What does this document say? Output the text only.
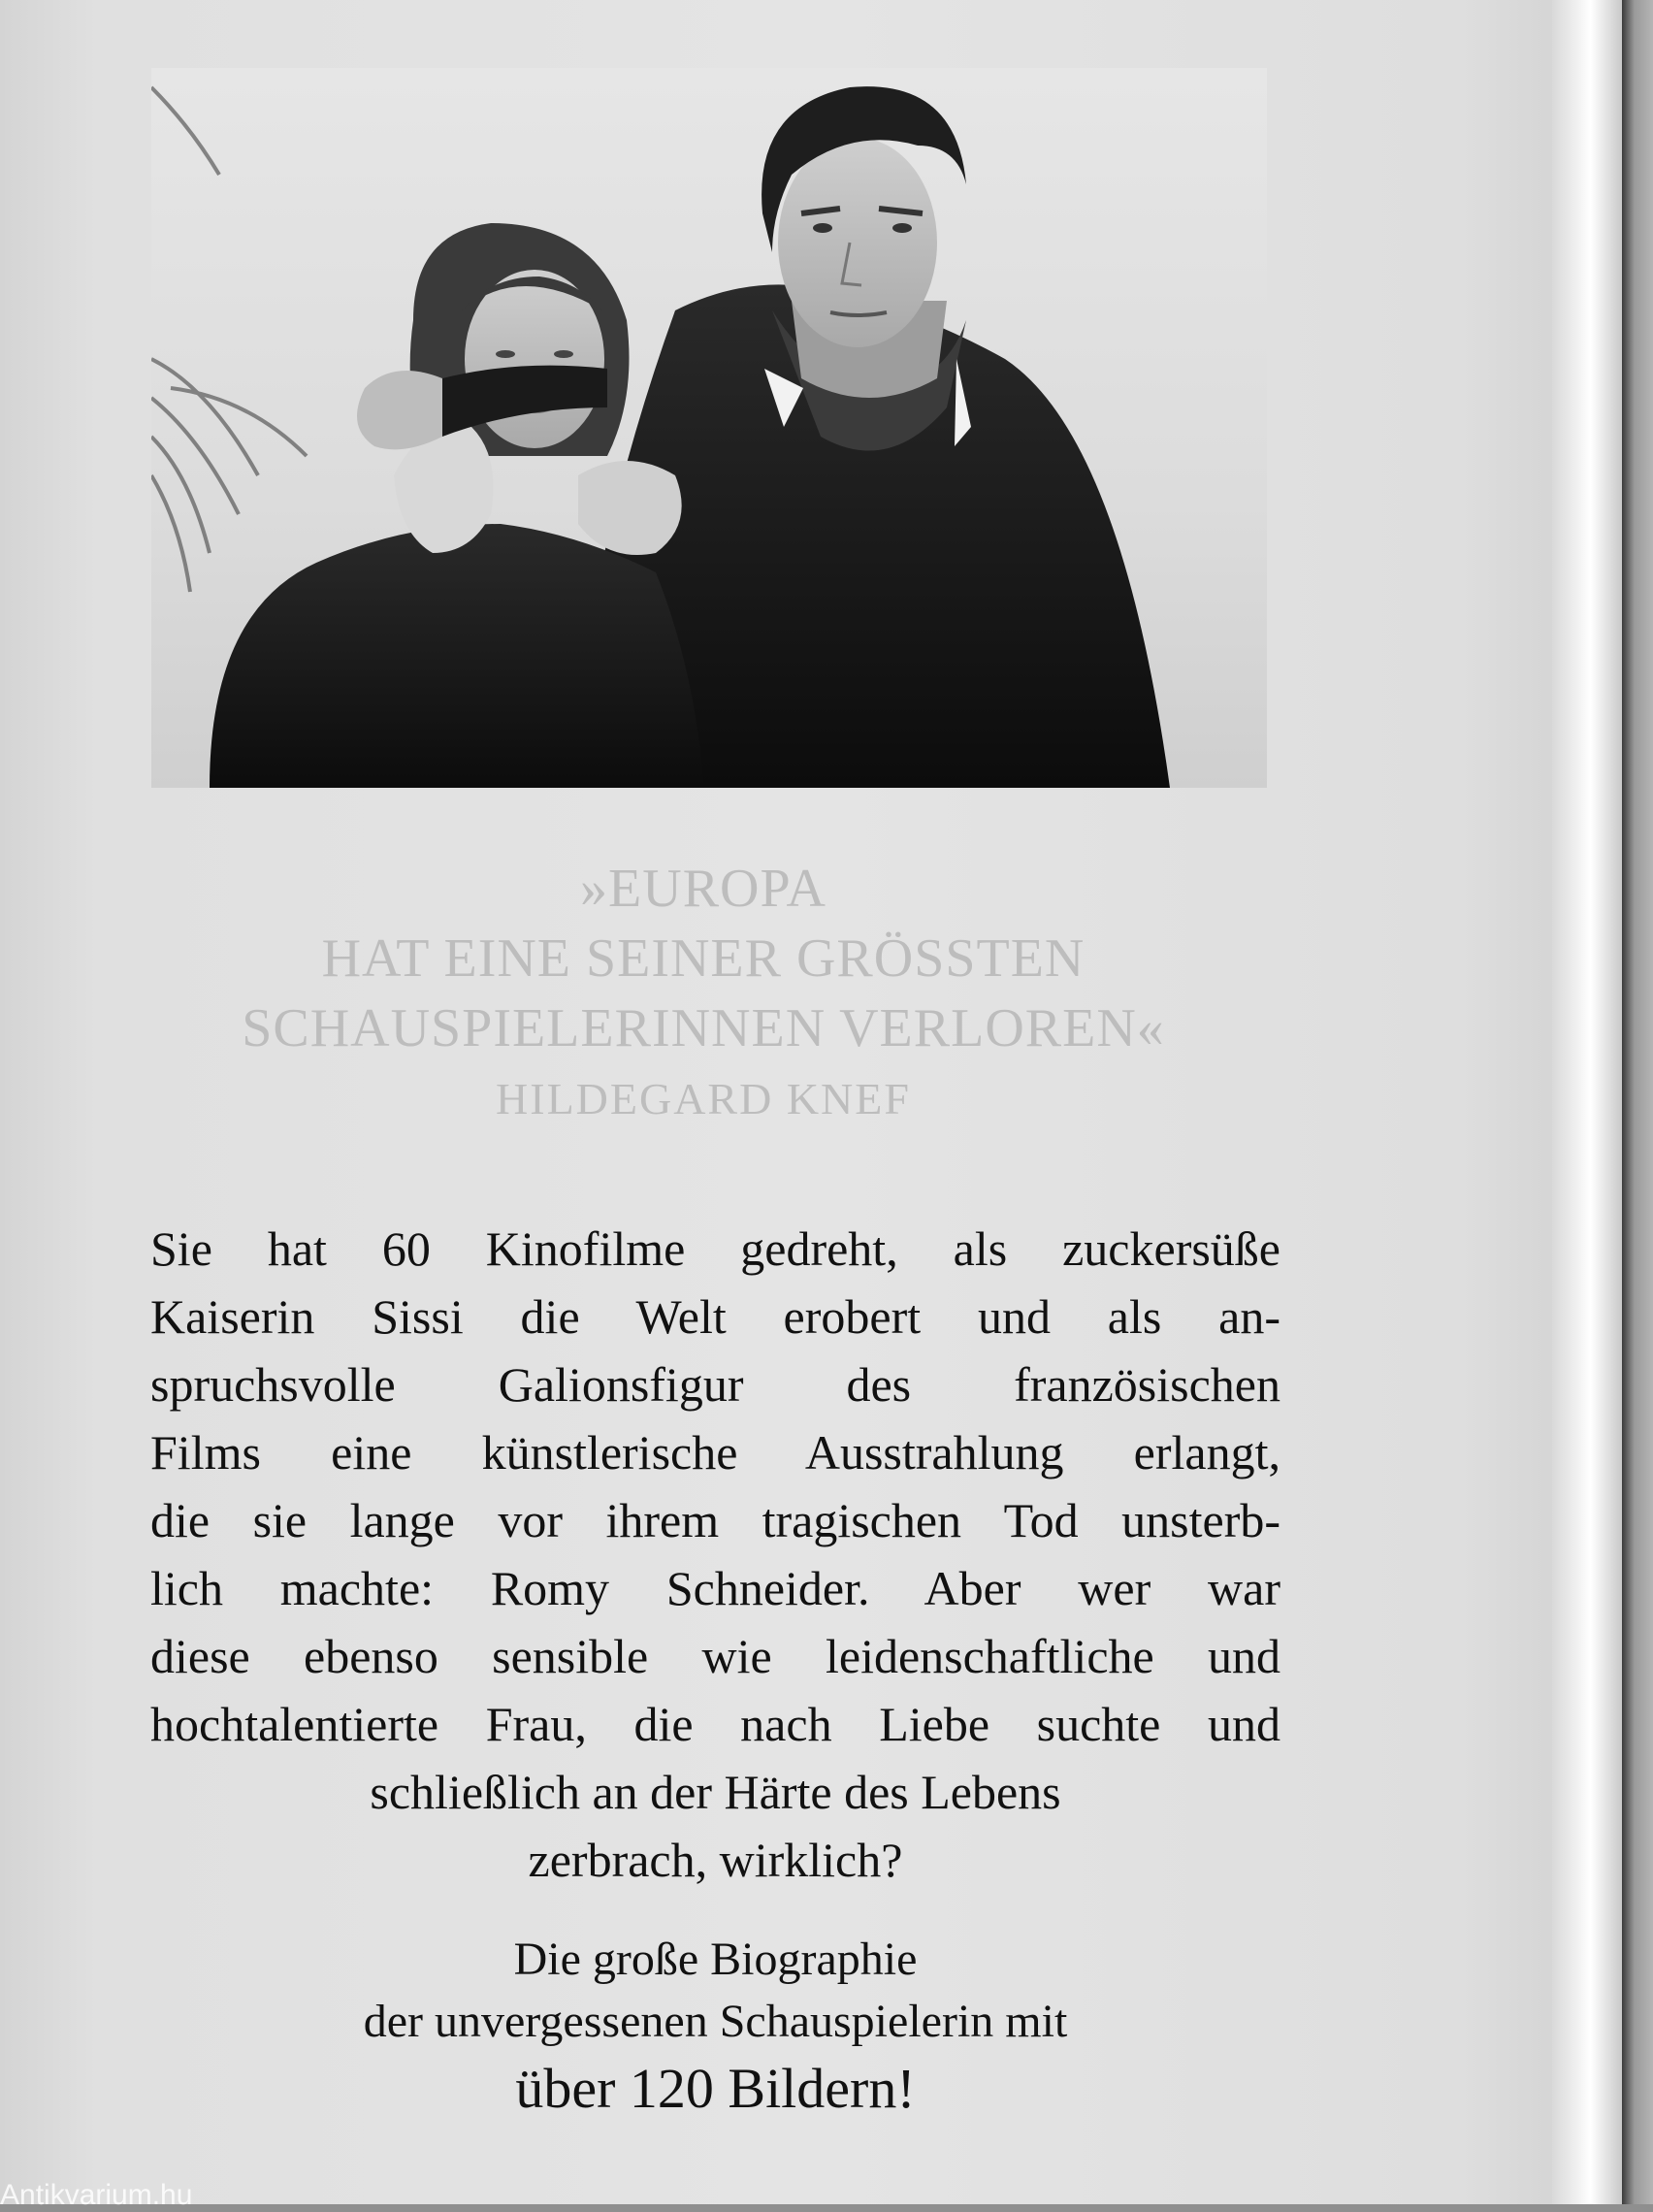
»EUROPA
HAT EINE SEINER GRÖSSTEN
SCHAUSPIELERINNEN VERLOREN«
HILDEGARD KNEF
Sie hat 60 Kinofilme gedreht, als zuckersüße
Kaiserin Sissi die Welt erobert und als an-
spruchsvolle Galionsfigur des französischen
Films eine künstlerische Ausstrahlung erlangt,
die sie lange vor ihrem tragischen Tod unsterb-
lich machte: Romy Schneider. Aber wer war
diese ebenso sensible wie leidenschaftliche und
hochtalentierte Frau, die nach Liebe suchte und
schließlich an der Härte des Lebens
zerbrach, wirklich?
Die große Biographie
der unvergessenen Schauspielerin mit
über 120 Bildern!
Antikvarium.hu
